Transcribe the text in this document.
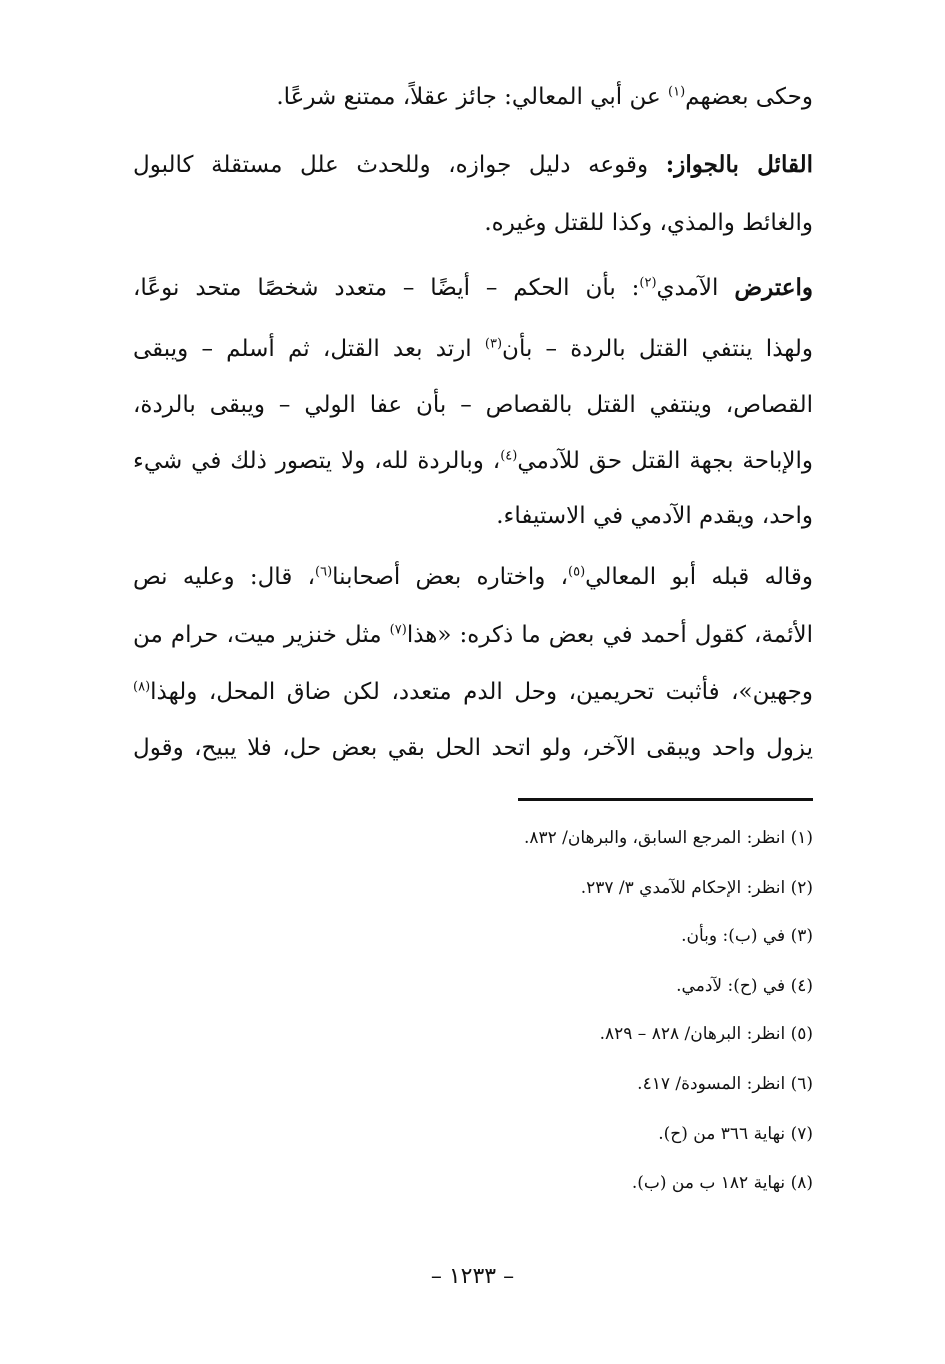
وحكى بعضهم$^{(١)}$ عن أبي المعالي: جائز عقلاً، ممتنع شرعًا.
القائل بالجواز: وقوعه دليل جوازه، وللحدث علل مستقلة كالبول
والغائط والمذي، وكذا للقتل وغيره.
واعترض الآمدي$^{(٢)}$: بأن الحكم – أيضًا – متعدد شخصًا متحد نوعًا،
ولهذا ينتفي القتل بالردة – بأن$^{(٣)}$ ارتد بعد القتل، ثم أسلم – ويبقى
القصاص، وينتفي القتل بالقصاص – بأن عفا الولي – ويبقى بالردة،
والإباحة بجهة القتل حق للآدمي$^{(٤)}$، وبالردة لله، ولا يتصور ذلك في شيء
واحد، ويقدم الآدمي في الاستيفاء.
وقاله قبله أبو المعالي$^{(٥)}$، واختاره بعض أصحابنا$^{(٦)}$، قال: وعليه نص
الأئمة، كقول أحمد في بعض ما ذكره: «هذا$^{(٧)}$ مثل خنزير ميت، حرام من
وجهين»، فأثبت تحريمين، وحل الدم متعدد، لكن ضاق المحل، ولهذا$^{(٨)}$
يزول واحد ويبقى الآخر، ولو اتحد الحل بقي بعض حل، فلا يبيح، وقول
(١) انظر: المرجع السابق، والبرهان/ ٨٣٢.
(٢) انظر: الإحكام للآمدي ٣/ ٢٣٧.
(٣) في (ب): وبأن.
(٤) في (ح): لآدمي.
(٥) انظر: البرهان/ ٨٢٨ – ٨٢٩.
(٦) انظر: المسودة/ ٤١٧.
(٧) نهاية ٣٦٦ من (ح).
(٨) نهاية ١٨٢ ب من (ب).
– ١٢٣٣ –
